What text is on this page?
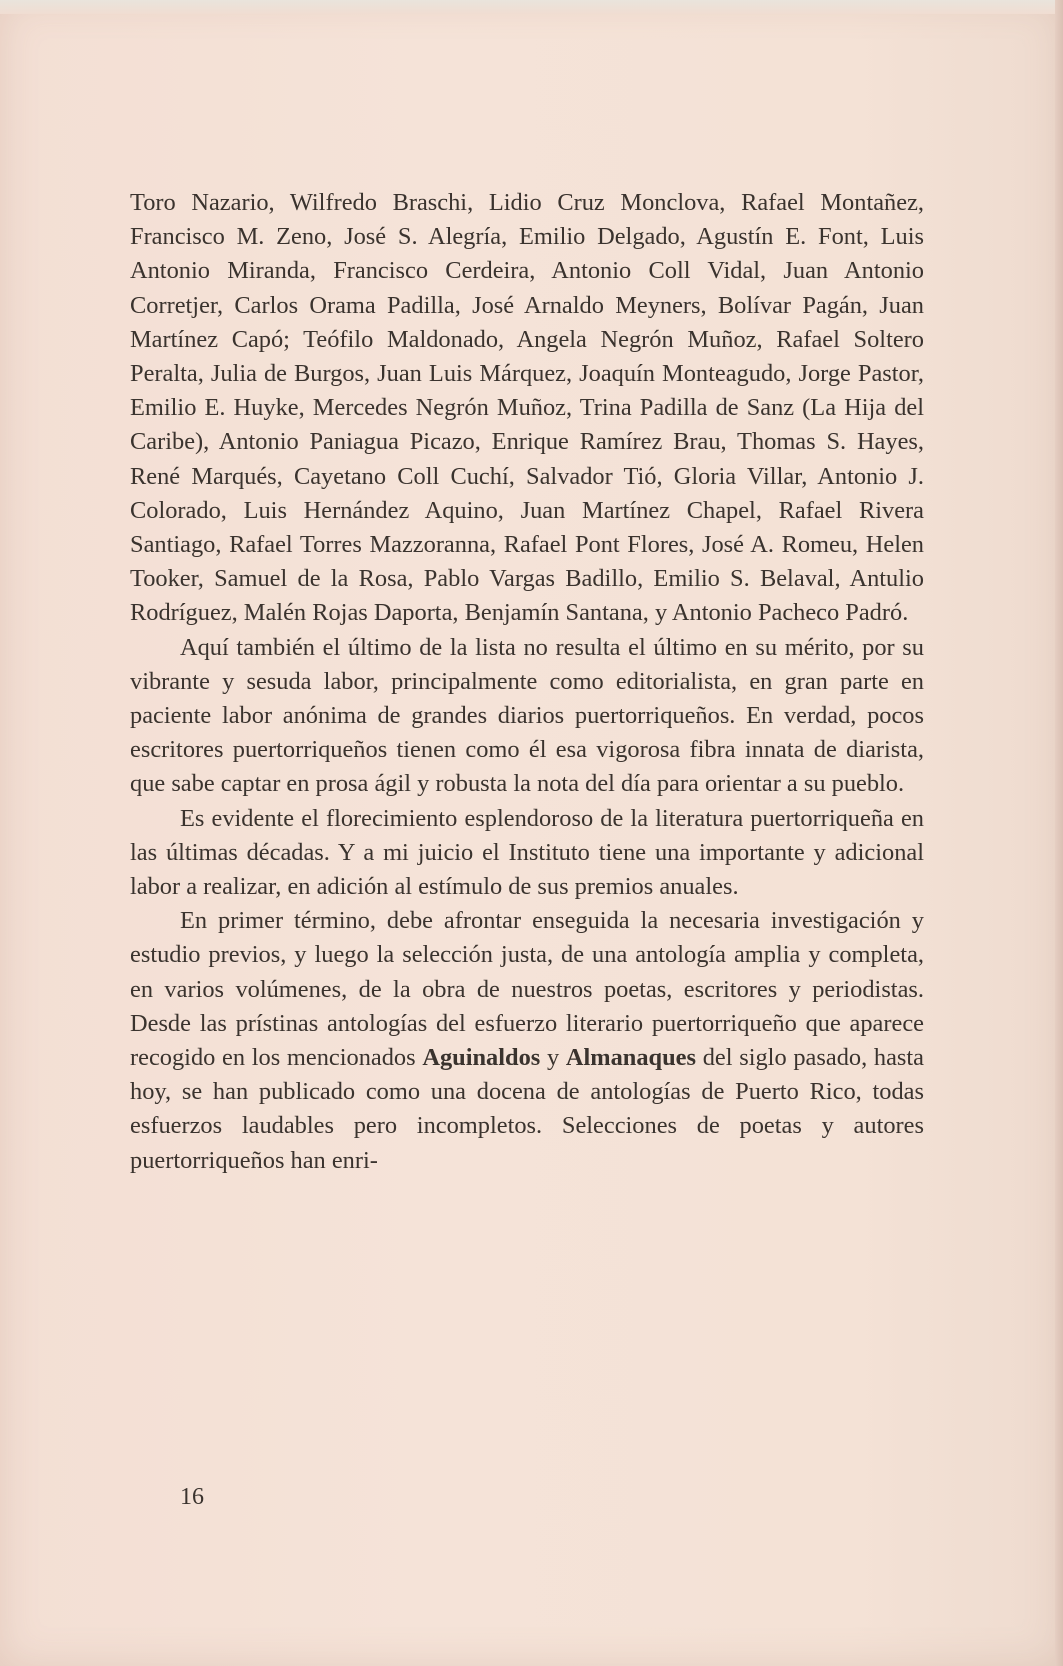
Toro Nazario, Wilfredo Braschi, Lidio Cruz Monclova, Rafael Montañez, Francisco M. Zeno, José S. Alegría, Emilio Delgado, Agustín E. Font, Luis Antonio Miranda, Francisco Cerdeira, Antonio Coll Vidal, Juan Antonio Corretjer, Carlos Orama Padilla, José Arnaldo Meyners, Bolívar Pagán, Juan Martínez Capó; Teófilo Maldonado, Angela Negrón Muñoz, Rafael Soltero Peralta, Julia de Burgos, Juan Luis Márquez, Joaquín Monteagudo, Jorge Pastor, Emilio E. Huyke, Mercedes Negrón Muñoz, Trina Padilla de Sanz (La Hija del Caribe), Antonio Paniagua Picazo, Enrique Ramírez Brau, Thomas S. Hayes, René Marqués, Cayetano Coll Cuchí, Salvador Tió, Gloria Villar, Antonio J. Colorado, Luis Hernández Aquino, Juan Martínez Chapel, Rafael Rivera Santiago, Rafael Torres Mazzoranna, Rafael Pont Flores, José A. Romeu, Helen Tooker, Samuel de la Rosa, Pablo Vargas Badillo, Emilio S. Belaval, Antulio Rodríguez, Malén Rojas Daporta, Benjamín Santana, y Antonio Pacheco Padró.

Aquí también el último de la lista no resulta el último en su mérito, por su vibrante y sesuda labor, principalmente como editorialista, en gran parte en paciente labor anónima de grandes diarios puertorriqueños. En verdad, pocos escritores puertorriqueños tienen como él esa vigorosa fibra innata de diarista, que sabe captar en prosa ágil y robusta la nota del día para orientar a su pueblo.

Es evidente el florecimiento esplendoroso de la literatura puertorriqueña en las últimas décadas. Y a mi juicio el Instituto tiene una importante y adicional labor a realizar, en adición al estímulo de sus premios anuales.

En primer término, debe afrontar enseguida la necesaria investigación y estudio previos, y luego la selección justa, de una antología amplia y completa, en varios volúmenes, de la obra de nuestros poetas, escritores y periodistas. Desde las prístinas antologías del esfuerzo literario puertorriqueño que aparece recogido en los mencionados Aguinaldos y Almanaques del siglo pasado, hasta hoy, se han publicado como una docena de antologías de Puerto Rico, todas esfuerzos laudables pero incompletos. Selecciones de poetas y autores puertorriqueños han enri-

16
